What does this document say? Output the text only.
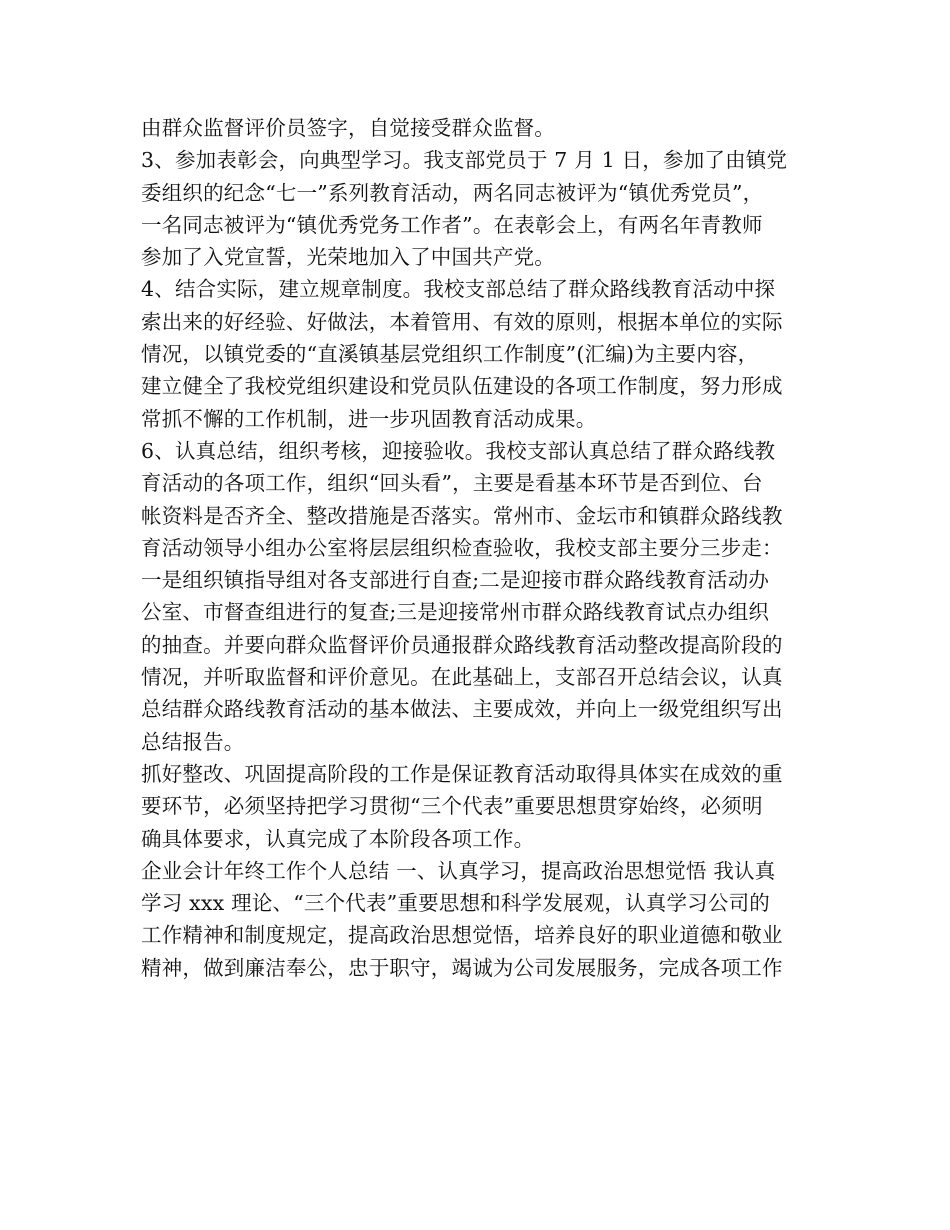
由群众监督评价员签字，自觉接受群众监督。
3、参加表彰会，向典型学习。我支部党员于 7 月 1 日，参加了由镇党
委组织的纪念“七一”系列教育活动，两名同志被评为“镇优秀党员”，
一名同志被评为“镇优秀党务工作者”。在表彰会上，有两名年青教师
参加了入党宣誓，光荣地加入了中国共产党。
4、结合实际，建立规章制度。我校支部总结了群众路线教育活动中探
索出来的好经验、好做法，本着管用、有效的原则，根据本单位的实际
情况，以镇党委的“直溪镇基层党组织工作制度”(汇编)为主要内容，
建立健全了我校党组织建设和党员队伍建设的各项工作制度，努力形成
常抓不懈的工作机制，进一步巩固教育活动成果。
6、认真总结，组织考核，迎接验收。我校支部认真总结了群众路线教
育活动的各项工作，组织“回头看”，主要是看基本环节是否到位、台
帐资料是否齐全、整改措施是否落实。常州市、金坛市和镇群众路线教
育活动领导小组办公室将层层组织检查验收，我校支部主要分三步走：
一是组织镇指导组对各支部进行自查;二是迎接市群众路线教育活动办
公室、市督查组进行的复查;三是迎接常州市群众路线教育试点办组织
的抽查。并要向群众监督评价员通报群众路线教育活动整改提高阶段的
情况，并听取监督和评价意见。在此基础上，支部召开总结会议，认真
总结群众路线教育活动的基本做法、主要成效，并向上一级党组织写出
总结报告。
抓好整改、巩固提高阶段的工作是保证教育活动取得具体实在成效的重
要环节，必须坚持把学习贯彻“三个代表”重要思想贯穿始终，必须明
确具体要求，认真完成了本阶段各项工作。
企业会计年终工作个人总结 一、认真学习，提高政治思想觉悟 我认真
学习 xxx 理论、“三个代表”重要思想和科学发展观，认真学习公司的
工作精神和制度规定，提高政治思想觉悟，培养良好的职业道德和敬业
精神，做到廉洁奉公，忠于职守，竭诚为公司发展服务，完成各项工作
